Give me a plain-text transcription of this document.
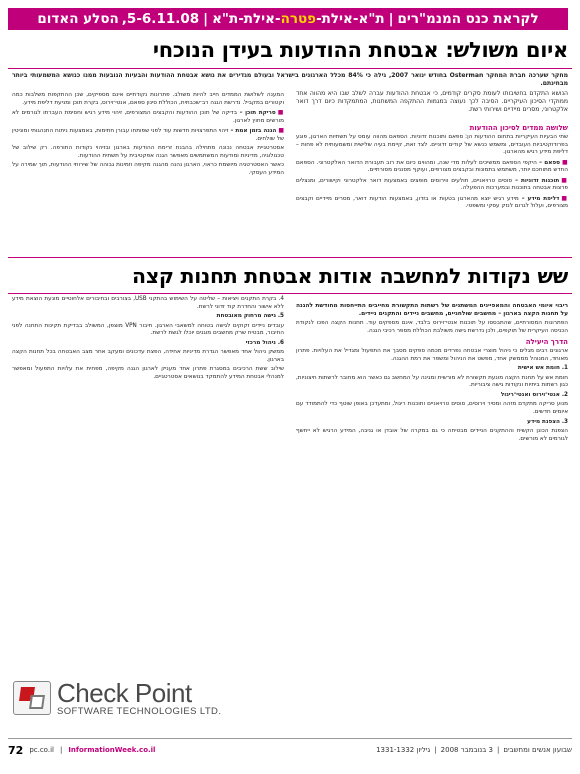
לקראת כנס המנמ"רים
|
ת"א
-
אילת
-
פטרה
-
אילת
-
ת"א
|
5-6.11.08
,
הסלע האדום
איום משולש: אבטחת ההודעות בעידן הנוכחי

מחקר שערכה חברת המחקר Osterman בחודש ינואר 2007, גילה כי 84% מכלל הארגונים בישראל ובעולם מגדירים את נושא אבטחת ההודעות והבעיות הנובעות ממנו כנושא המשמעותי ביותר מבחינתם.

הנושא התקדם בחשיבותו לעומת סקרים קודמים, כי אבטחת ההודעות עברה לשלב שבו היא מהווה אחד ממוקדי הסיכון העיקריים. הסיבה לכך נעוצה במגמות ההתקפה המשתנות, המתמקדות כיום דרך דואר אלקטרוני, מסרים מיידיים ושירותי רשת.

שלושה ממדים לסיכון ההודעות

שתי הבעיות העיקריות בתחום ההודעות הן: ספאם ותוכנות זדוניות. הספאם מהווה עומס על תשתיות הארגון, פוגע בפרודוקטיביות העובדים, ומשמש כנשא של קודים זדוניים. לצד זאת, קיימת בעיה שלישית ומשמעותית לא פחות – דליפת מידע רגיש מהארגון.

■ספאם – היקפי הספאם ממשיכים לעלות מדי שנה, ומהווים כיום את רוב תעבורת הדואר האלקטרוני. הספאם החדש מתוחכם יותר, משתמש בתמונות ובקבצים מצורפים, ועוקף מסננים מסורתיים.

■תוכנות זדוניות – סוסים טרויאניים, תולעים ווירוסים מופצים באמצעות דואר אלקטרוני וקישורים, ומנצלים פרצות אבטחה בתוכנות ובמערכות ההפעלה.

■דליפת מידע – מידע רגיש יוצא מהארגון בטעות או בזדון, באמצעות הודעות דואר, מסרים מיידיים וקבצים מצורפים, ועלול לגרום לנזק עסקי ומשפטי.

המענה לשלושת הממדים חייב להיות משולב. פתרונות נקודתיים אינם מספיקים, שכן ההתקפות משלבות כמה וקטורים במקביל. נדרשת הגנה רב־שכבתית, הכוללת סינון ספאם, אנטי־וירוס, בקרת תוכן ומניעת דליפת מידע.

■סריקת תוכן – בדיקה של תוכן ההודעות והקבצים המצורפים, זיהוי מידע רגיש וחסימת העברתו לגורמים לא מורשים מחוץ לארגון.

■הגנה בזמן אמת – זיהוי התפרצויות חדשות עוד לפני שפותחו עבורן חתימות, באמצעות ניתוח התנהגותי ומוניטין של שולחים.

אסטרטגיית אבטחה נכונה מתחילה בהבנת זרימת ההודעות בארגון ובזיהוי נקודות התורפה. רק שילוב של טכנולוגיה, מדיניות ומודעות המשתמשים מאפשר הגנה אפקטיבית על תשתית ההודעות.

כאשר האסטרטגיה מיושמת כראוי, הארגון נהנה מהגנה מקיפה וזמינות גבוהה של שירותי ההודעות, תוך שמירה על המידע העסקי.

שש נקודות למחשבה אודות אבטחת תחנות קצה

ריבוי איומי האבטחה והמאפיינים המשתנים של רשתות התקשורת מחייבים התייחסות מחודשת להגנה על תחנות הקצה בארגון – מחשבים שולחניים, מחשבים ניידים והתקנים ניידים.

הפתרונות המסורתיים, שהתבססו על תוכנות אנטי־וירוס בלבד, אינם מספקים עוד. תחנות הקצה הפכו לנקודת הכניסה העיקרית של תוקפים, ולכן נדרשת גישה משולבת הכוללת מספר רכיבי הגנה.

הדרך היעילה

ארגונים רבים מגלים כי ניהול מוצרי אבטחה נפרדים מכמה ספקים מסבך את התפעול ומגדיל את העלויות. פתרון מאוחד, המנוהל מממשק אחד, מפשט את הניהול ומשפר את רמת ההגנה.

1. חומת אש אישית

חומת אש על תחנת הקצה מונעת תקשורת לא מורשית ומגינה על המחשב גם כאשר הוא מחובר לרשתות חיצוניות, כגון רשתות ביתיות ונקודות גישה ציבוריות.

2. אנטי־וירוס ואנטי־ריגול

מנוע סריקה מתקדם מזהה ומסיר וירוסים, סוסים טרויאניים ותוכנות ריגול, ומתעדכן באופן שוטף כדי להתמודד עם איומים חדשים.

3. הצפנת מידע

הצפנת הכונן הקשיח וההתקנים הניידים מבטיחה כי גם במקרה של אובדן או גניבה, המידע הרגיש לא ייחשף לגורמים לא מורשים.

4. בקרת התקנים ויציאות – שליטה על השימוש בהתקני USB, בצורבים ובחיבורים אלחוטיים מונעת הוצאת מידע ללא אישור והחדרת קוד זדוני לרשת.

5. גישה מרחוק מאובטחת

עובדים ניידים זקוקים לגישה בטוחה למשאבי הארגון. חיבור VPN מוצפן, המשולב בבדיקת תקינות התחנה לפני החיבור, מבטיח שרק מחשבים מוגנים יוכלו לגשת לרשת.

6. ניהול מרכזי

ממשק ניהול אחד מאפשר הגדרת מדיניות אחידה, הפצת עדכונים ומעקב אחר מצב האבטחה בכל תחנות הקצה בארגון.

שילוב ששת הרכיבים במסגרת פתרון אחד מעניק לארגון הגנה מקיפה, מפחית את עלויות התפעול ומאפשר למנהלי אבטחת המידע להתמקד בנושאים אסטרטגיים.

Check Point
SOFTWARE TECHNOLOGIES LTD.
72 pc.co.il | InformationWeek.co.il	שבועון אנשים ומחשבים
|
3 בנובמבר 2008
|
גיליון 1331-1332
